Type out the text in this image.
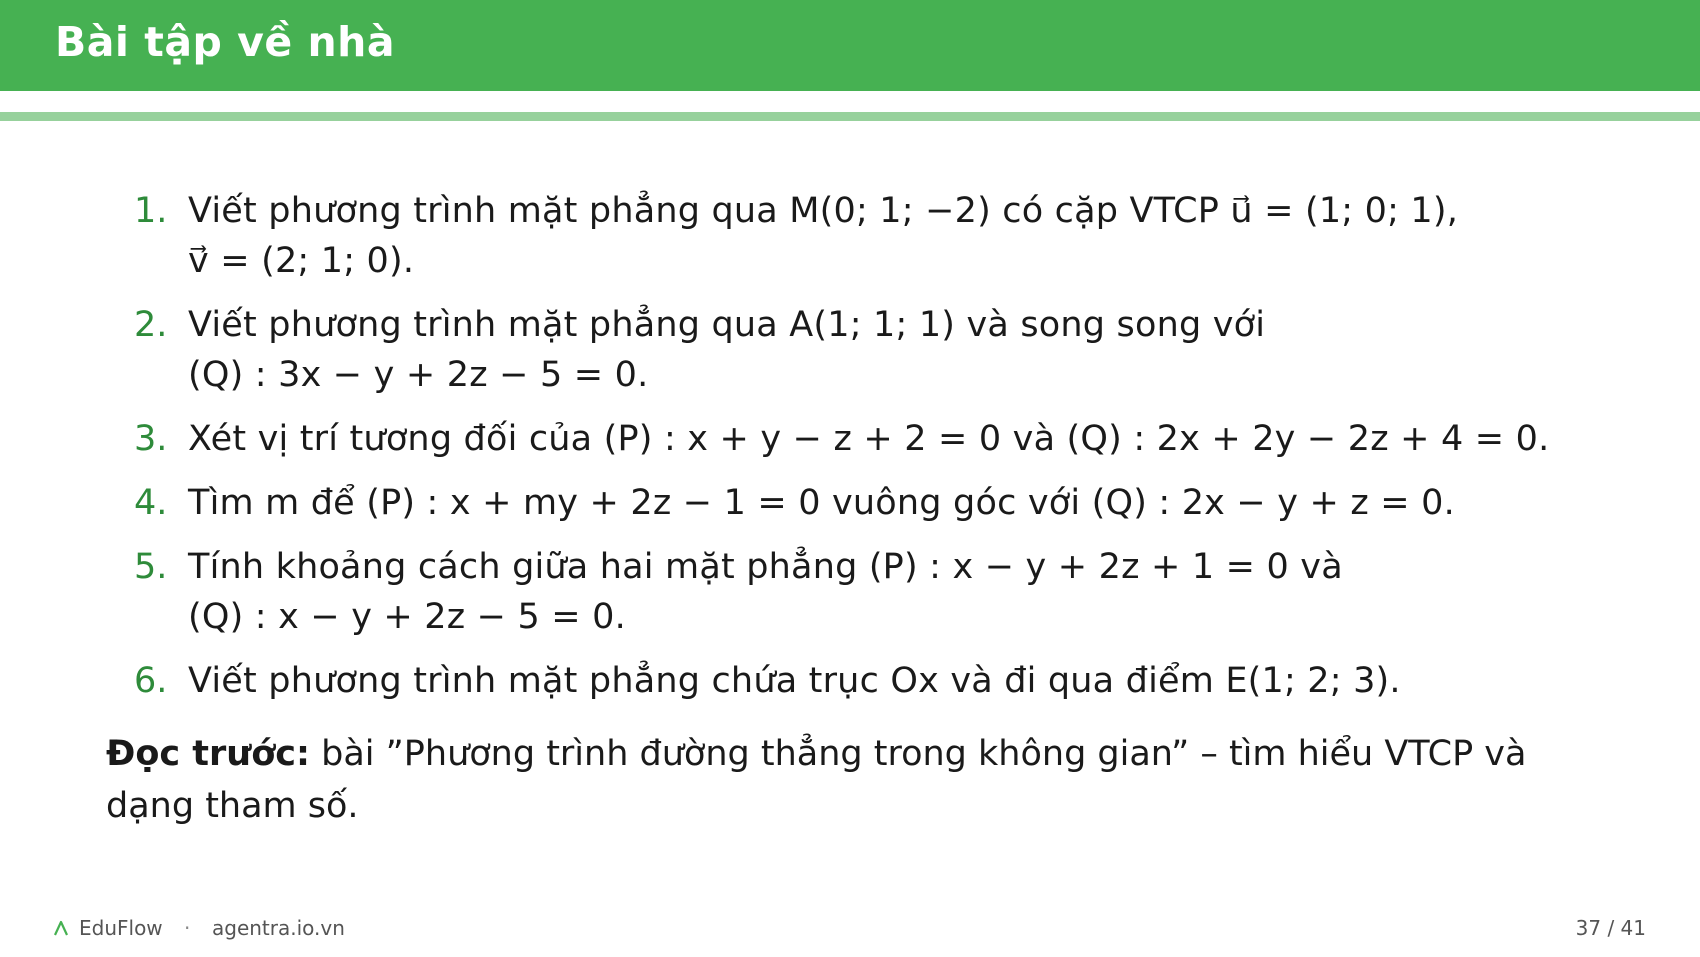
Bài tập về nhà
1. Viết phương trình mặt phẳng qua M(0; 1; −2) có cặp VTCP u⃗ = (1; 0; 1),
v⃗ = (2; 1; 0).
2. Viết phương trình mặt phẳng qua A(1; 1; 1) và song song với
(Q) : 3x − y + 2z − 5 = 0.
3. Xét vị trí tương đối của (P) : x + y − z + 2 = 0 và (Q) : 2x + 2y − 2z + 4 = 0.
4. Tìm m để (P) : x + my + 2z − 1 = 0 vuông góc với (Q) : 2x − y + z = 0.
5. Tính khoảng cách giữa hai mặt phẳng (P) : x − y + 2z + 1 = 0 và
(Q) : x − y + 2z − 5 = 0.
6. Viết phương trình mặt phẳng chứa trục Ox và đi qua điểm E(1; 2; 3).
Đọc trước: bài ”Phương trình đường thẳng trong không gian” – tìm hiểu VTCP và dạng tham số.
EduFlow · agentra.io.vn	37 / 41
